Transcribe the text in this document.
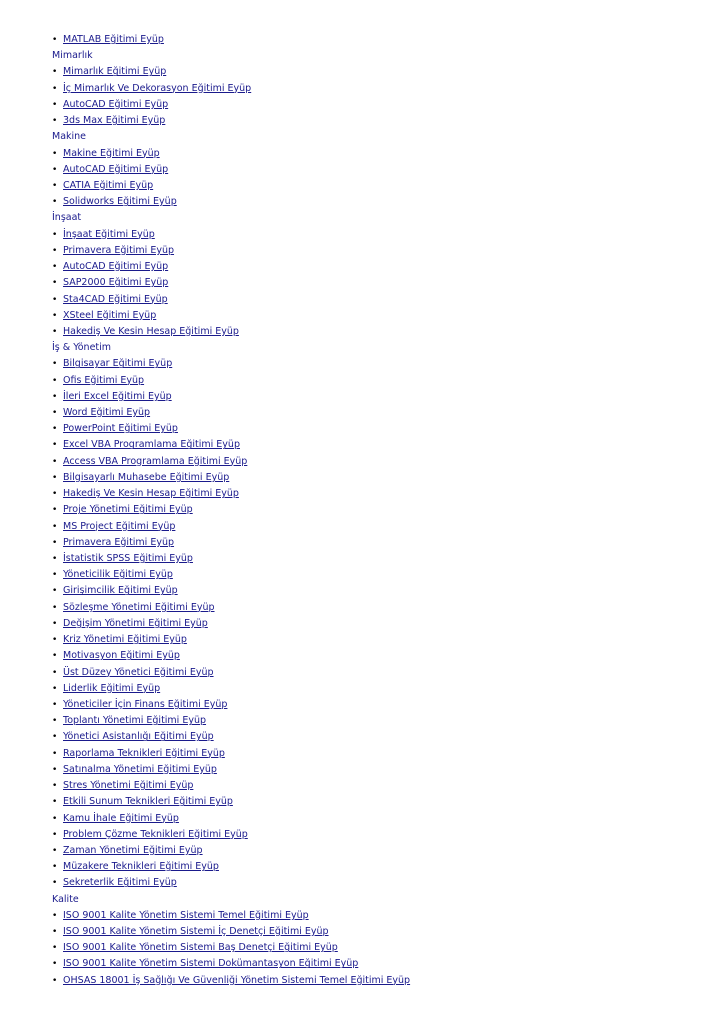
• MATLAB Eğitimi Eyüp
Mimarlık
• Mimarlık Eğitimi Eyüp
• İç Mimarlık Ve Dekorasyon Eğitimi Eyüp
• AutoCAD Eğitimi Eyüp
• 3ds Max Eğitimi Eyüp
Makine
• Makine Eğitimi Eyüp
• AutoCAD Eğitimi Eyüp
• CATIA Eğitimi Eyüp
• Solidworks Eğitimi Eyüp
İnşaat
• İnşaat Eğitimi Eyüp
• Primavera Eğitimi Eyüp
• AutoCAD Eğitimi Eyüp
• SAP2000 Eğitimi Eyüp
• Sta4CAD Eğitimi Eyüp
• XSteel Eğitimi Eyüp
• Hakediş Ve Kesin Hesap Eğitimi Eyüp
İş & Yönetim
• Bilgisayar Eğitimi Eyüp
• Ofis Eğitimi Eyüp
• İleri Excel Eğitimi Eyüp
• Word Eğitimi Eyüp
• PowerPoint Eğitimi Eyüp
• Excel VBA Programlama Eğitimi Eyüp
• Access VBA Programlama Eğitimi Eyüp
• Bilgisayarlı Muhasebe Eğitimi Eyüp
• Hakediş Ve Kesin Hesap Eğitimi Eyüp
• Proje Yönetimi Eğitimi Eyüp
• MS Project Eğitimi Eyüp
• Primavera Eğitimi Eyüp
• İstatistik SPSS Eğitimi Eyüp
• Yöneticilik Eğitimi Eyüp
• Girişimcilik Eğitimi Eyüp
• Sözleşme Yönetimi Eğitimi Eyüp
• Değişim Yönetimi Eğitimi Eyüp
• Kriz Yönetimi Eğitimi Eyüp
• Motivasyon Eğitimi Eyüp
• Üst Düzey Yönetici Eğitimi Eyüp
• Liderlik Eğitimi Eyüp
• Yöneticiler İçin Finans Eğitimi Eyüp
• Toplantı Yönetimi Eğitimi Eyüp
• Yönetici Asistanlığı Eğitimi Eyüp
• Raporlama Teknikleri Eğitimi Eyüp
• Satınalma Yönetimi Eğitimi Eyüp
• Stres Yönetimi Eğitimi Eyüp
• Etkili Sunum Teknikleri Eğitimi Eyüp
• Kamu İhale Eğitimi Eyüp
• Problem Çözme Teknikleri Eğitimi Eyüp
• Zaman Yönetimi Eğitimi Eyüp
• Müzakere Teknikleri Eğitimi Eyüp
• Sekreterlik Eğitimi Eyüp
Kalite
• ISO 9001 Kalite Yönetim Sistemi Temel Eğitimi Eyüp
• ISO 9001 Kalite Yönetim Sistemi İç Denetçi Eğitimi Eyüp
• ISO 9001 Kalite Yönetim Sistemi Baş Denetçi Eğitimi Eyüp
• ISO 9001 Kalite Yönetim Sistemi Dokümantasyon Eğitimi Eyüp
• OHSAS 18001 İş Sağlığı Ve Güvenliği Yönetim Sistemi Temel Eğitimi Eyüp
